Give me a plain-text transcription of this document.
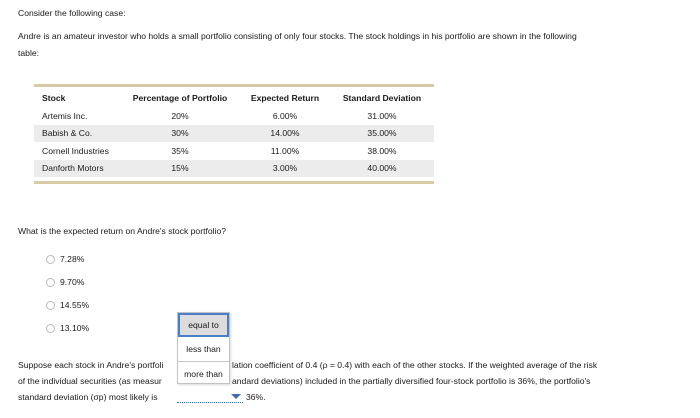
Consider the following case:
Andre is an amateur investor who holds a small portfolio consisting of only four stocks. The stock holdings in his portfolio are shown in the following
table:
Stock	Percentage of Portfolio	Expected Return	Standard Deviation
Artemis Inc.	20%	6.00%	31.00%
Babish & Co.	30%	14.00%	35.00%
Cornell Industries	35%	11.00%	38.00%
Danforth Motors	15%	3.00%	40.00%
What is the expected return on Andre's stock portfolio?
7.28%
9.70%
14.55%
13.10%
Suppose each stock in Andre's portfoli	lation coefficient of 0.4 (ρ = 0.4) with each of the other stocks. If the weighted average of the risk
of the individual securities (as measur	andard deviations) included in the partially diversified four-stock portfolio is 36%, the portfolio's
standard deviation (σp) most likely is	36%.
equal to
less than
more than
